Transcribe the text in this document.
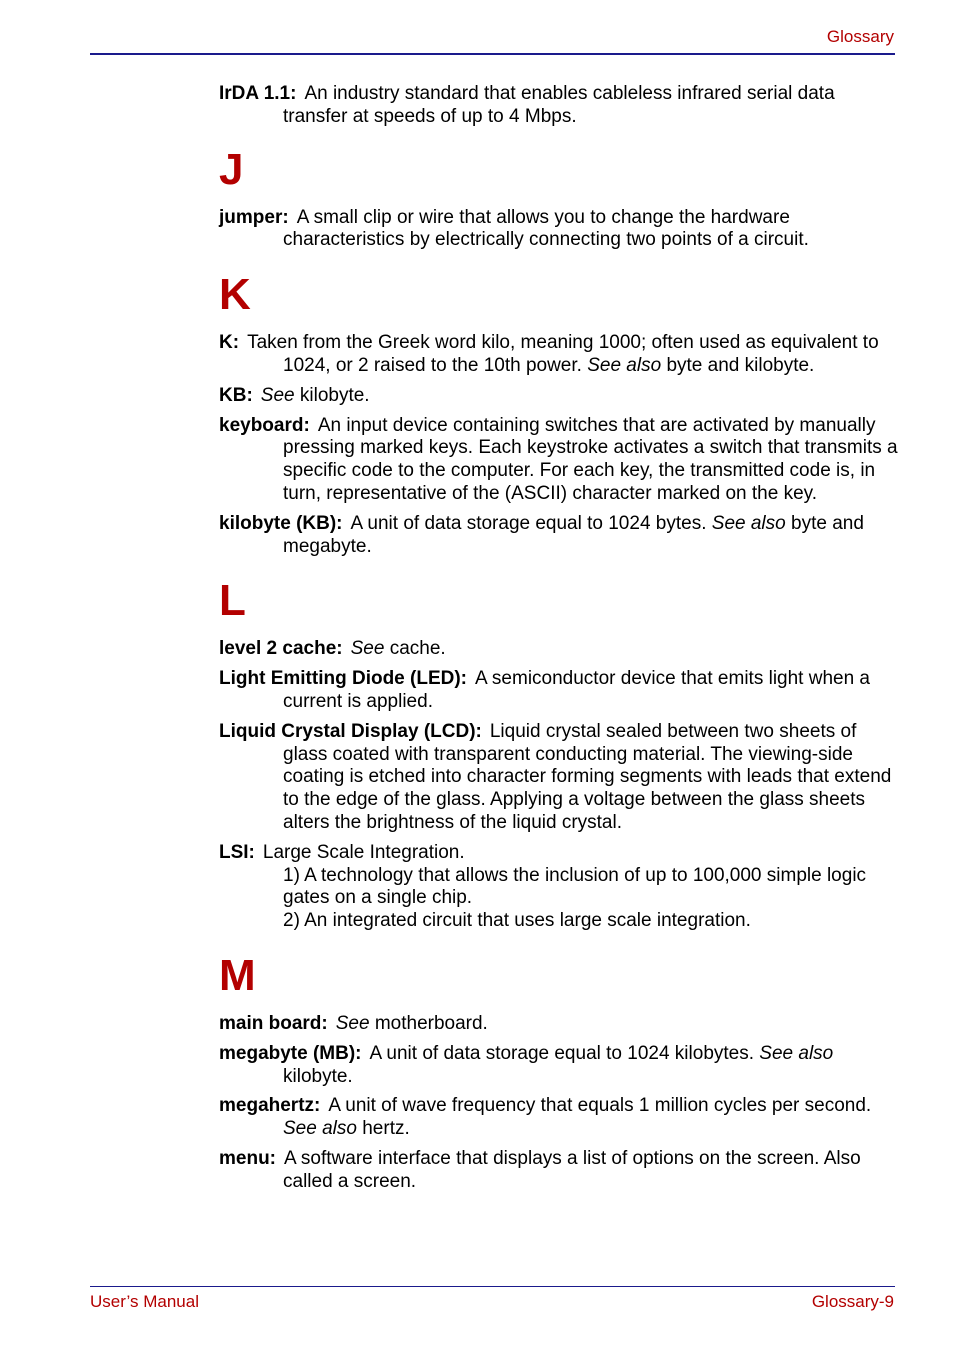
Glossary
IrDA 1.1: An industry standard that enables cableless infrared serial data transfer at speeds of up to 4 Mbps.
J
jumper: A small clip or wire that allows you to change the hardware characteristics by electrically connecting two points of a circuit.
K
K: Taken from the Greek word kilo, meaning 1000; often used as equivalent to 1024, or 2 raised to the 10th power. See also byte and kilobyte.
KB: See kilobyte.
keyboard: An input device containing switches that are activated by manually pressing marked keys. Each keystroke activates a switch that transmits a specific code to the computer. For each key, the transmitted code is, in turn, representative of the (ASCII) character marked on the key.
kilobyte (KB): A unit of data storage equal to 1024 bytes. See also byte and megabyte.
L
level 2 cache: See cache.
Light Emitting Diode (LED): A semiconductor device that emits light when a current is applied.
Liquid Crystal Display (LCD): Liquid crystal sealed between two sheets of glass coated with transparent conducting material. The viewing-side coating is etched into character forming segments with leads that extend to the edge of the glass. Applying a voltage between the glass sheets alters the brightness of the liquid crystal.
LSI: Large Scale Integration.
1) A technology that allows the inclusion of up to 100,000 simple logic gates on a single chip.
2) An integrated circuit that uses large scale integration.
M
main board: See motherboard.
megabyte (MB): A unit of data storage equal to 1024 kilobytes. See also kilobyte.
megahertz: A unit of wave frequency that equals 1 million cycles per second. See also hertz.
menu: A software interface that displays a list of options on the screen. Also called a screen.
User’s Manual	Glossary-9
